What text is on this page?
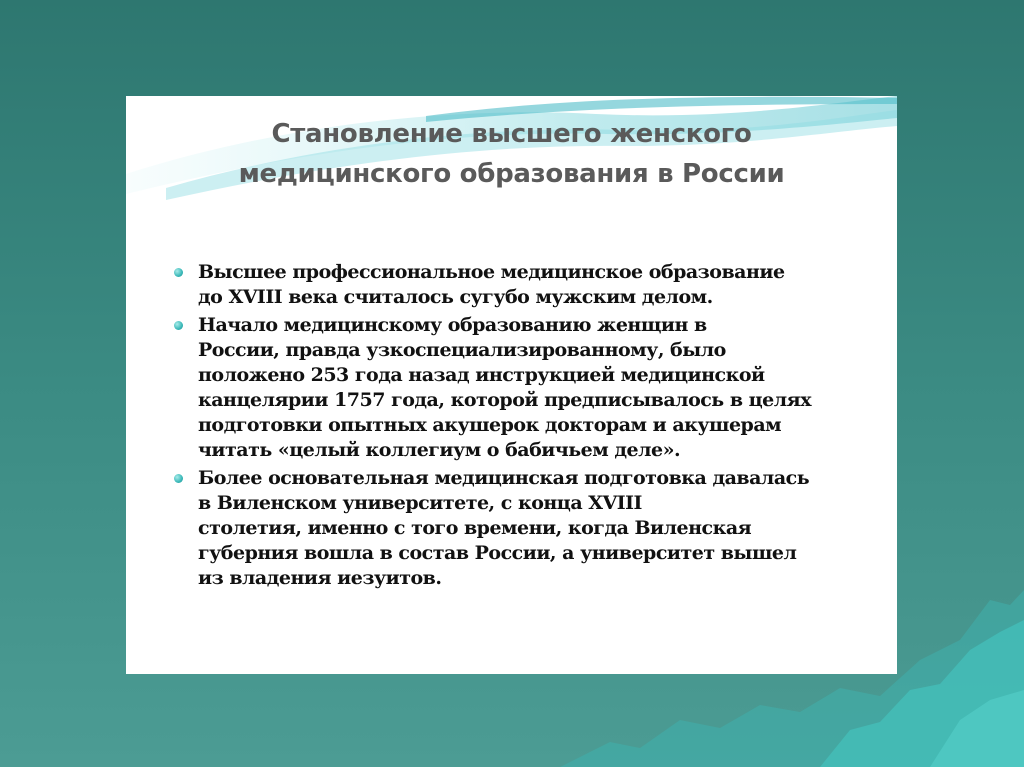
Становление высшего женского
медицинского образования в России
Высшее профессиональное медицинское образование
до XVIII века считалось сугубо мужским делом.
Начало медицинскому образованию женщин в
России, правда узкоспециализированному, было
положено 253 года назад инструкцией медицинской
канцелярии 1757 года, которой предписывалось в целях
подготовки опытных акушерок докторам и акушерам
читать «целый коллегиум о бабичьем деле».
Более основательная медицинская подготовка давалась
в Виленском университете, с конца XVIII
столетия, именно с того времени, когда Виленская
губерния вошла в состав России, а университет вышел
из владения иезуитов.
